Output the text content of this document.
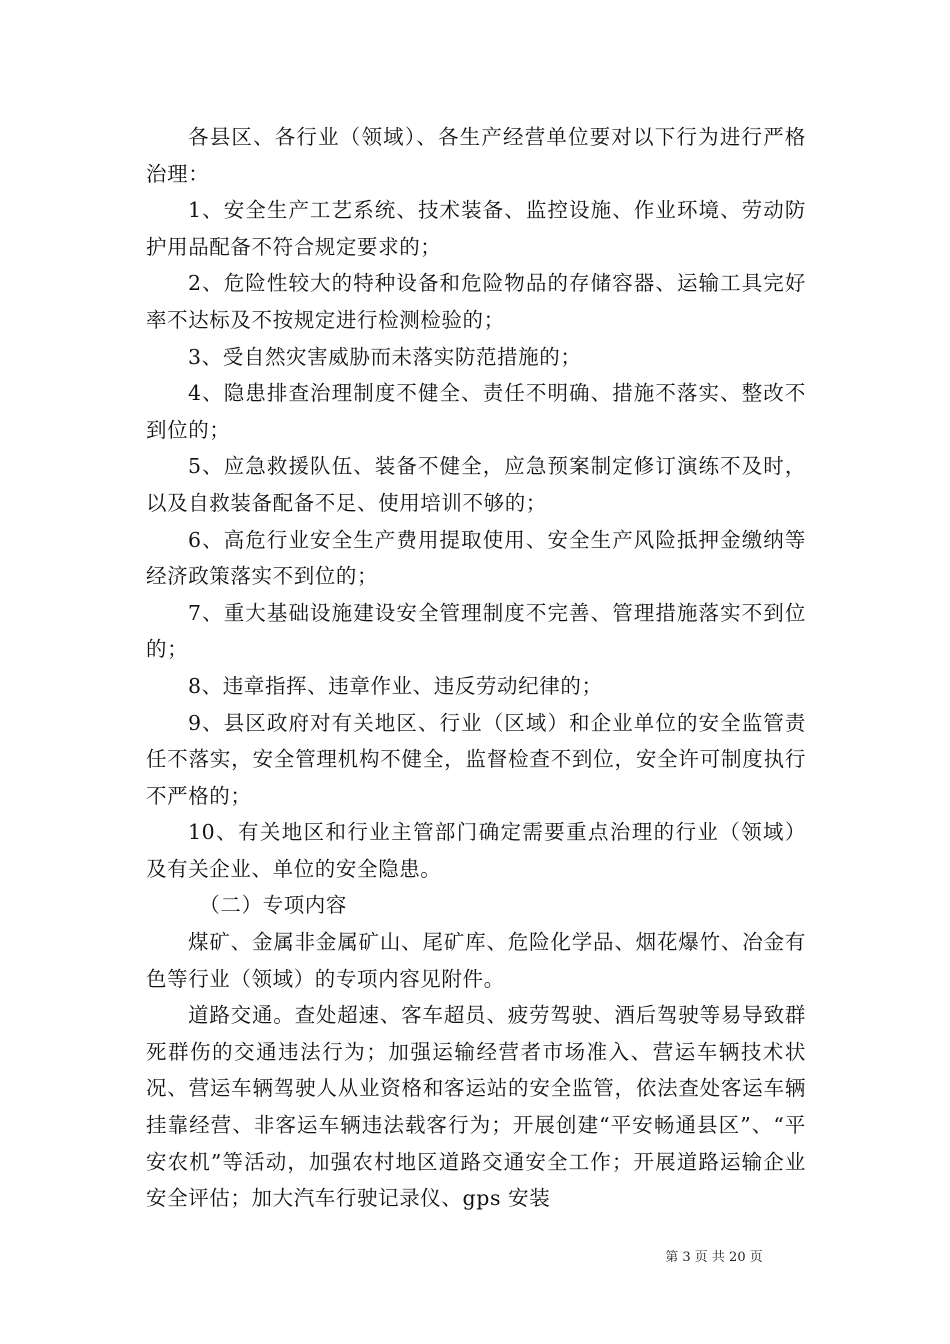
各县区、各行业（领域）、各生产经营单位要对以下行为进行严格治理：

1、安全生产工艺系统、技术装备、监控设施、作业环境、劳动防护用品配备不符合规定要求的；

2、危险性较大的特种设备和危险物品的存储容器、运输工具完好率不达标及不按规定进行检测检验的；

3、受自然灾害威胁而未落实防范措施的；

4、隐患排查治理制度不健全、责任不明确、措施不落实、整改不到位的；

5、应急救援队伍、装备不健全，应急预案制定修订演练不及时，以及自救装备配备不足、使用培训不够的；

6、高危行业安全生产费用提取使用、安全生产风险抵押金缴纳等经济政策落实不到位的；

7、重大基础设施建设安全管理制度不完善、管理措施落实不到位的；

8、违章指挥、违章作业、违反劳动纪律的；

9、县区政府对有关地区、行业（区域）和企业单位的安全监管责任不落实，安全管理机构不健全，监督检查不到位，安全许可制度执行不严格的；

10、有关地区和行业主管部门确定需要重点治理的行业（领域）及有关企业、单位的安全隐患。

（二）专项内容

煤矿、金属非金属矿山、尾矿库、危险化学品、烟花爆竹、冶金有色等行业（领域）的专项内容见附件。

道路交通。查处超速、客车超员、疲劳驾驶、酒后驾驶等易导致群死群伤的交通违法行为；加强运输经营者市场准入、营运车辆技术状况、营运车辆驾驶人从业资格和客运站的安全监管，依法查处客运车辆挂靠经营、非客运车辆违法载客行为；开展创建“平安畅通县区”、“平安农机”等活动，加强农村地区道路交通安全工作；开展道路运输企业安全评估；加大汽车行驶记录仪、gps 安装

第 3 页 共 20 页
